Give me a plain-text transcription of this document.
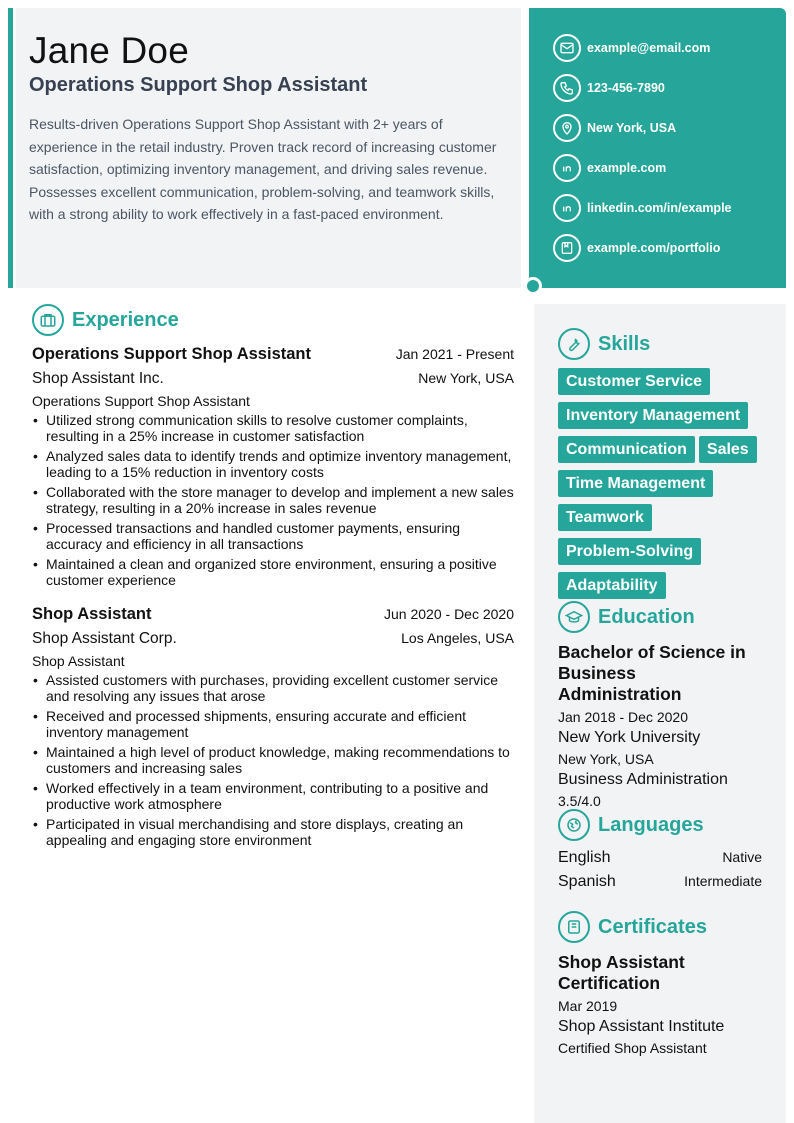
Jane Doe
Operations Support Shop Assistant
Results-driven Operations Support Shop Assistant with 2+ years of experience in the retail industry. Proven track record of increasing customer satisfaction, optimizing inventory management, and driving sales revenue. Possesses excellent communication, problem-solving, and teamwork skills, with a strong ability to work effectively in a fast-paced environment.
example@email.com
123-456-7890
New York, USA
example.com
linkedin.com/in/example
example.com/portfolio
Experience
Operations Support Shop Assistant	Jan 2021 - Present
Shop Assistant Inc.	New York, USA
Operations Support Shop Assistant
• Utilized strong communication skills to resolve customer complaints, resulting in a 25% increase in customer satisfaction
• Analyzed sales data to identify trends and optimize inventory management, leading to a 15% reduction in inventory costs
• Collaborated with the store manager to develop and implement a new sales strategy, resulting in a 20% increase in sales revenue
• Processed transactions and handled customer payments, ensuring accuracy and efficiency in all transactions
• Maintained a clean and organized store environment, ensuring a positive customer experience
Shop Assistant	Jun 2020 - Dec 2020
Shop Assistant Corp.	Los Angeles, USA
Shop Assistant
• Assisted customers with purchases, providing excellent customer service and resolving any issues that arose
• Received and processed shipments, ensuring accurate and efficient inventory management
• Maintained a high level of product knowledge, making recommendations to customers and increasing sales
• Worked effectively in a team environment, contributing to a positive and productive work atmosphere
• Participated in visual merchandising and store displays, creating an appealing and engaging store environment
Skills
Customer Service
Inventory Management
Communication Sales
Time Management
Teamwork
Problem-Solving
Adaptability
Education
Bachelor of Science in Business Administration
Jan 2018 - Dec 2020
New York University
New York, USA
Business Administration
3.5/4.0
Languages
English	Native
Spanish	Intermediate
Certificates
Shop Assistant Certification
Mar 2019
Shop Assistant Institute
Certified Shop Assistant
